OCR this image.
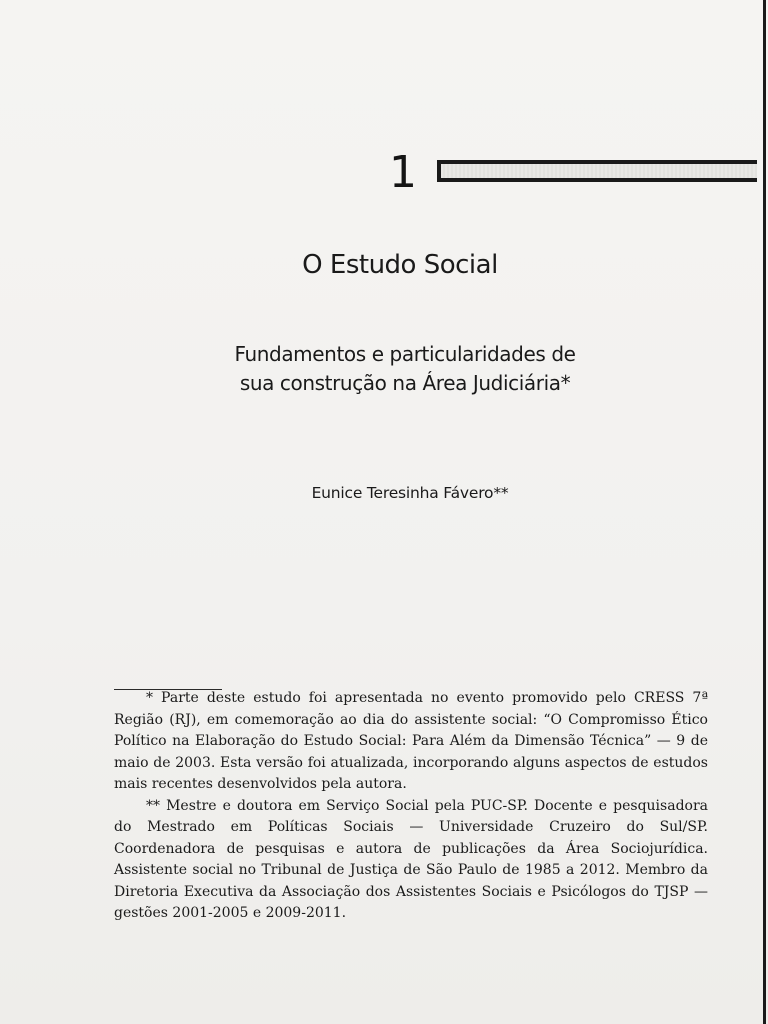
1
O Estudo Social
Fundamentos e particularidades de
sua construção na Área Judiciária*
Eunice Teresinha Fávero**

* Parte deste estudo foi apresentada no evento promovido pelo CRESS 7ª Região (RJ), em comemoração ao dia do assistente social: “O Compromisso Ético Político na Elaboração do Estudo Social: Para Além da Dimensão Técnica” — 9 de maio de 2003. Esta versão foi atualizada, incorporando alguns aspectos de estudos mais recentes desenvolvidos pela autora.

** Mestre e doutora em Serviço Social pela PUC-SP. Docente e pesquisadora do Mestrado em Políticas Sociais — Universidade Cruzeiro do Sul/SP. Coordenadora de pesquisas e autora de publicações da Área Sociojurídica. Assistente social no Tribunal de Justiça de São Paulo de 1985 a 2012. Membro da Diretoria Executiva da Associação dos Assistentes Sociais e Psicólogos do TJSP — gestões 2001-2005 e 2009-2011.
